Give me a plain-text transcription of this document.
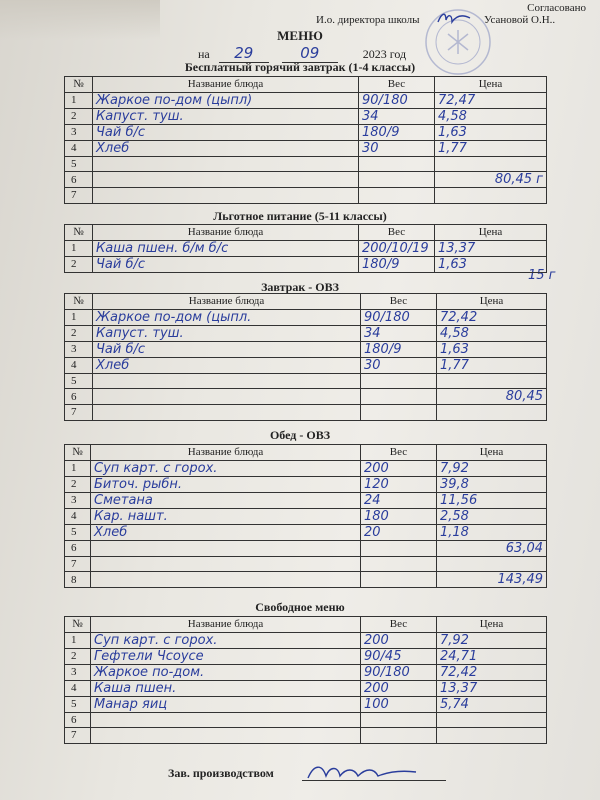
Согласовано
И.о. директора школы	Усановой О.Н..
МЕНЮ
на 29	09	2023 год
Бесплатный горячий завтрак (1-4 классы)
№	Название блюда	Вес	Цена
1	Жаркое по-дом (цыпл)	90/180	72,47
2	Капуст. туш.	34	4,58
3	Чай б/с	180/9	1,63
4	Хлеб	30	1,77
5			
6			80,45 г
7			
Льготное питание (5-11 классы)
15 г
№	Название блюда	Вес	Цена
1	Каша пшен. б/м б/с	200/10/19	13,37
2	Чай б/с	180/9	1,63
Завтрак - ОВЗ
№	Название блюда	Вес	Цена
1	Жаркое по-дом (цыпл.	90/180	72,42
2	Капуст. туш.	34	4,58
3	Чай б/с	180/9	1,63
4	Хлеб	30	1,77
5			
6			80,45
7			
Обед - ОВЗ
№	Название блюда	Вес	Цена
1	Суп карт. с горох.	200	7,92
2	Биточ. рыбн.	120	39,8
3	Сметана	24	11,56
4	Кар. нашт.	180	2,58
5	Хлеб	20	1,18
6			63,04
7			
8			143,49
Свободное меню
№	Название блюда	Вес	Цена
1	Суп карт. с горох.	200	7,92
2	Гефтели Чсоусе	90/45	24,71
3	Жаркое по-дом.	90/180	72,42
4	Каша пшен.	200	13,37
5	Манар яиц	100	5,74
6			
7			
Зав. производством
